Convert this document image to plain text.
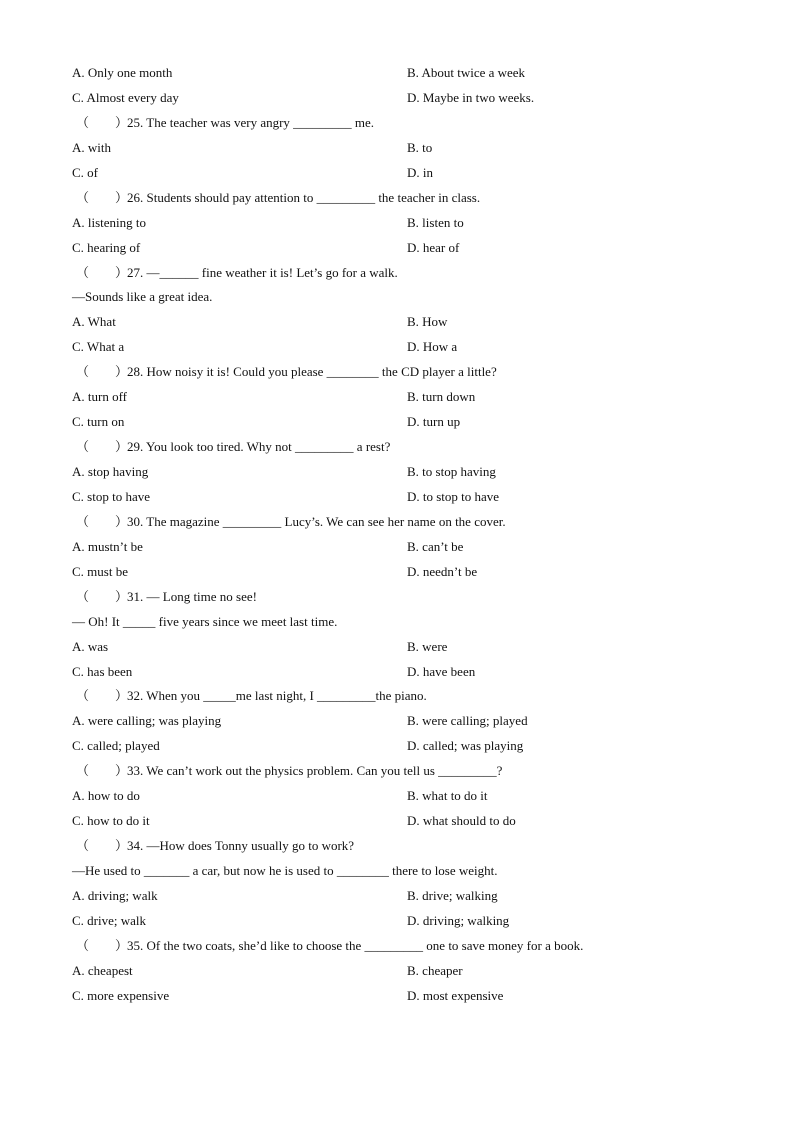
A. Only one month	B. About twice a week
C. Almost every day	D. Maybe in two weeks.
（　　）25. The teacher was very angry _________ me.
A. with	B. to
C. of	D. in
（　　）26. Students should pay attention to _________ the teacher in class.
A. listening to	B. listen to
C. hearing of	D. hear of
（　　）27. —______ fine weather it is! Let’s go for a walk.
—Sounds like a great idea.
A. What	B. How
C. What a	D. How a
（　　）28. How noisy it is! Could you please ________ the CD player a little?
A. turn off	B. turn down
C. turn on	D. turn up
（　　）29. You look too tired. Why not _________ a rest?
A. stop having	B. to stop having
C. stop to have	D. to stop to have
（　　）30. The magazine _________ Lucy’s. We can see her name on the cover.
A. mustn’t be	B. can’t be
C. must be	D. needn’t be
（　　）31. — Long time no see!
— Oh! It _____ five years since we meet last time.
A. was	B. were
C. has been	D. have been
（　　）32. When you _____me last night, I _________the piano.
A. were calling; was playing	B. were calling; played
C. called; played	D. called; was playing
（　　）33. We can’t work out the physics problem. Can you tell us _________?
A. how to do	B. what to do it
C. how to do it	D. what should to do
（　　）34. —How does Tonny usually go to work?
—He used to _______ a car, but now he is used to ________ there to lose weight.
A. driving; walk	B. drive; walking
C. drive; walk	D. driving; walking
（　　）35. Of the two coats, she’d like to choose the _________ one to save money for a book.
A. cheapest	B. cheaper
C. more expensive	D. most expensive
